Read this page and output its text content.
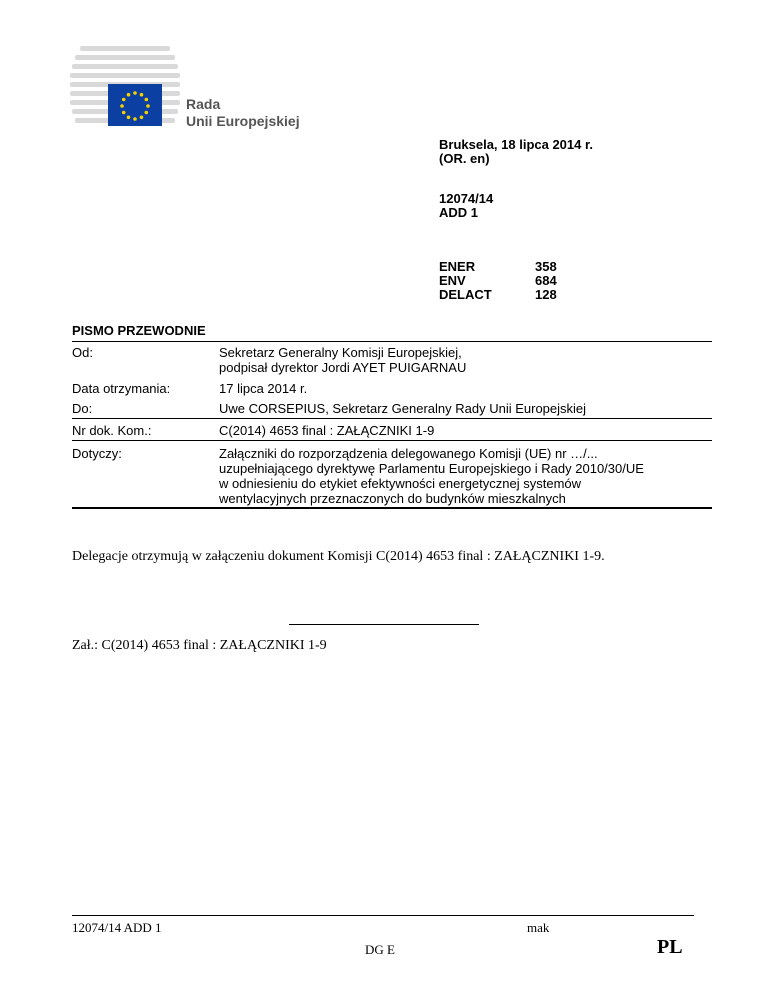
Rada
Unii Europejskiej
Bruksela, 18 lipca 2014 r.
(OR. en)
12074/14
ADD 1
ENER	358
ENV	684
DELACT	128
PISMO PRZEWODNIE
Od:	Sekretarz Generalny Komisji Europejskiej,
podpisał dyrektor Jordi AYET PUIGARNAU
Data otrzymania:	17 lipca 2014 r.
Do:	Uwe CORSEPIUS, Sekretarz Generalny Rady Unii Europejskiej
Nr dok. Kom.:	C(2014) 4653 final : ZAŁĄCZNIKI 1-9
Dotyczy:	Załączniki do rozporządzenia delegowanego Komisji (UE) nr …/...
uzupełniającego dyrektywę Parlamentu Europejskiego i Rady 2010/30/UE
w odniesieniu do etykiet efektywności energetycznej systemów
wentylacyjnych przeznaczonych do budynków mieszkalnych
Delegacje otrzymują w załączeniu dokument Komisji C(2014) 4653 final : ZAŁĄCZNIKI 1-9.
Zał.: C(2014) 4653 final : ZAŁĄCZNIKI 1-9
12074/14 ADD 1	mak
DG E	PL
